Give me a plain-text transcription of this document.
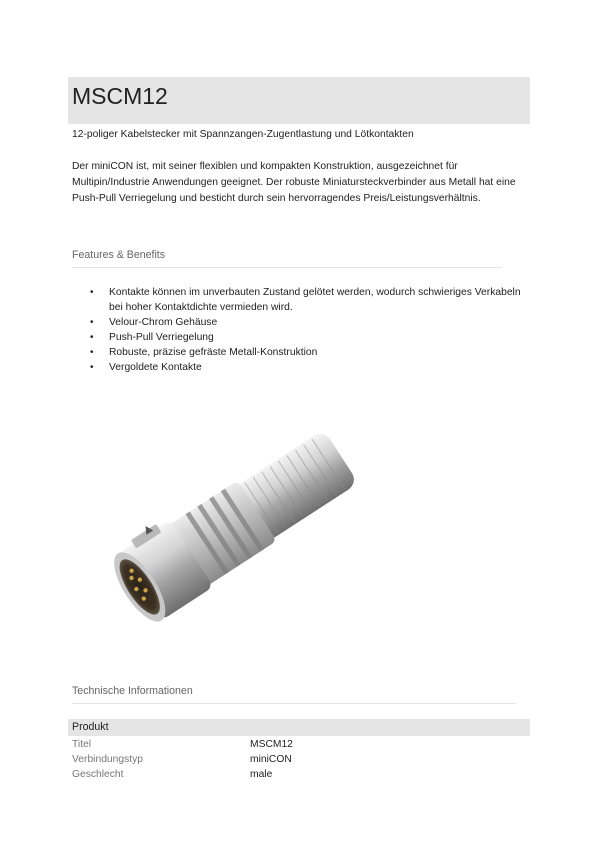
MSCM12
12-poliger Kabelstecker mit Spannzangen-Zugentlastung und Lötkontakten

Der miniCON ist, mit seiner flexiblen und kompakten Konstruktion, ausgezeichnet für Multipin/Industrie Anwendungen geeignet. Der robuste Miniatursteckverbinder aus Metall hat eine Push-Pull Verriegelung und besticht durch sein hervorragendes Preis/Leistungsverhältnis.

Features & Benefits
• Kontakte können im unverbauten Zustand gelötet werden, wodurch schwieriges Verkabeln bei hoher Kontaktdichte vermieden wird.
• Velour-Chrom Gehäuse
• Push-Pull Verriegelung
• Robuste, präzise gefräste Metall-Konstruktion
• Vergoldete Kontakte
Technische Informationen
Produkt
Titel	MSCM12
Verbindungstyp	miniCON
Geschlecht	male
